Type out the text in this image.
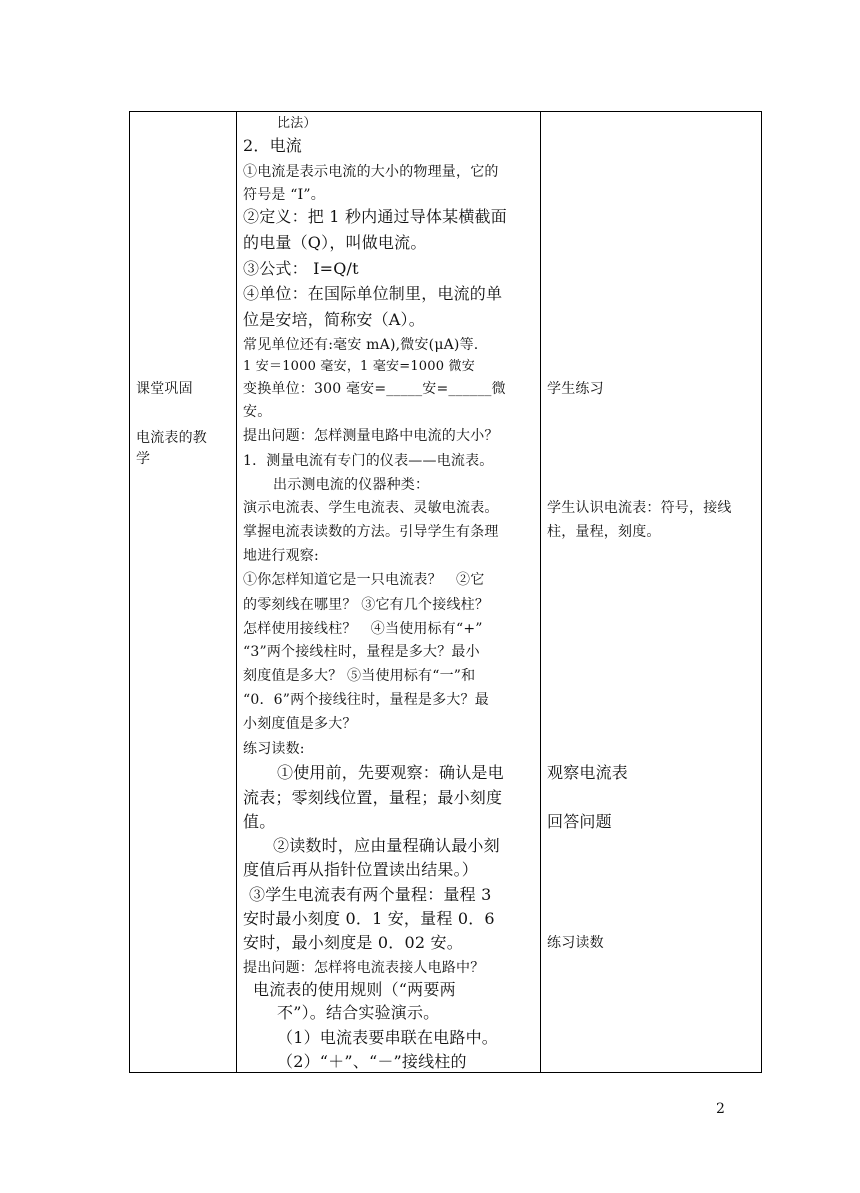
课堂巩固
电流表的教
学
比法）
2．电流
①电流是表示电流的大小的物理量，它的
符号是 “I”。
②定义：把 1 秒内通过导体某横截面
的电量（Q），叫做电流。
③公式： I=Q/t
④单位：在国际单位制里，电流的单
位是安培，简称安（A）。
常见单位还有:毫安 mA),微安(μA)等.
1 安＝1000 毫安，1 毫安=1000 微安
变换单位：300 毫安=_____安=______微
安。
提出问题：怎样测量电路中电流的大小？
1．测量电流有专门的仪表——电流表。
出示测电流的仪器种类：
演示电流表、学生电流表、灵敏电流表。
掌握电流表读数的方法。引导学生有条理
地进行观察:
①你怎样知道它是一只电流表？　②它
的零刻线在哪里？ ③它有几个接线柱？
怎样使用接线柱？　④当使用标有“+”
“3”两个接线柱时，量程是多大？最小
刻度值是多大？ ⑤当使用标有“一”和
“0．6”两个接线往时，量程是多大？最
小刻度值是多大？
练习读数:
①使用前，先要观察：确认是电
流表；零刻线位置，量程；最小刻度
值。
②读数时，应由量程确认最小刻
度值后再从指针位置读出结果。）
③学生电流表有两个量程：量程 3
安时最小刻度 0．1 安，量程 0．6
安时，最小刻度是 0．02 安。
提出问题：怎样将电流表接人电路中？
电流表的使用规则（“两要两
不”）。结合实验演示。
（1）电流表要串联在电路中。
（2）“＋”、“－”接线柱的
学生练习
学生认识电流表：符号，接线
柱，量程，刻度。
观察电流表
回答问题
练习读数
2
